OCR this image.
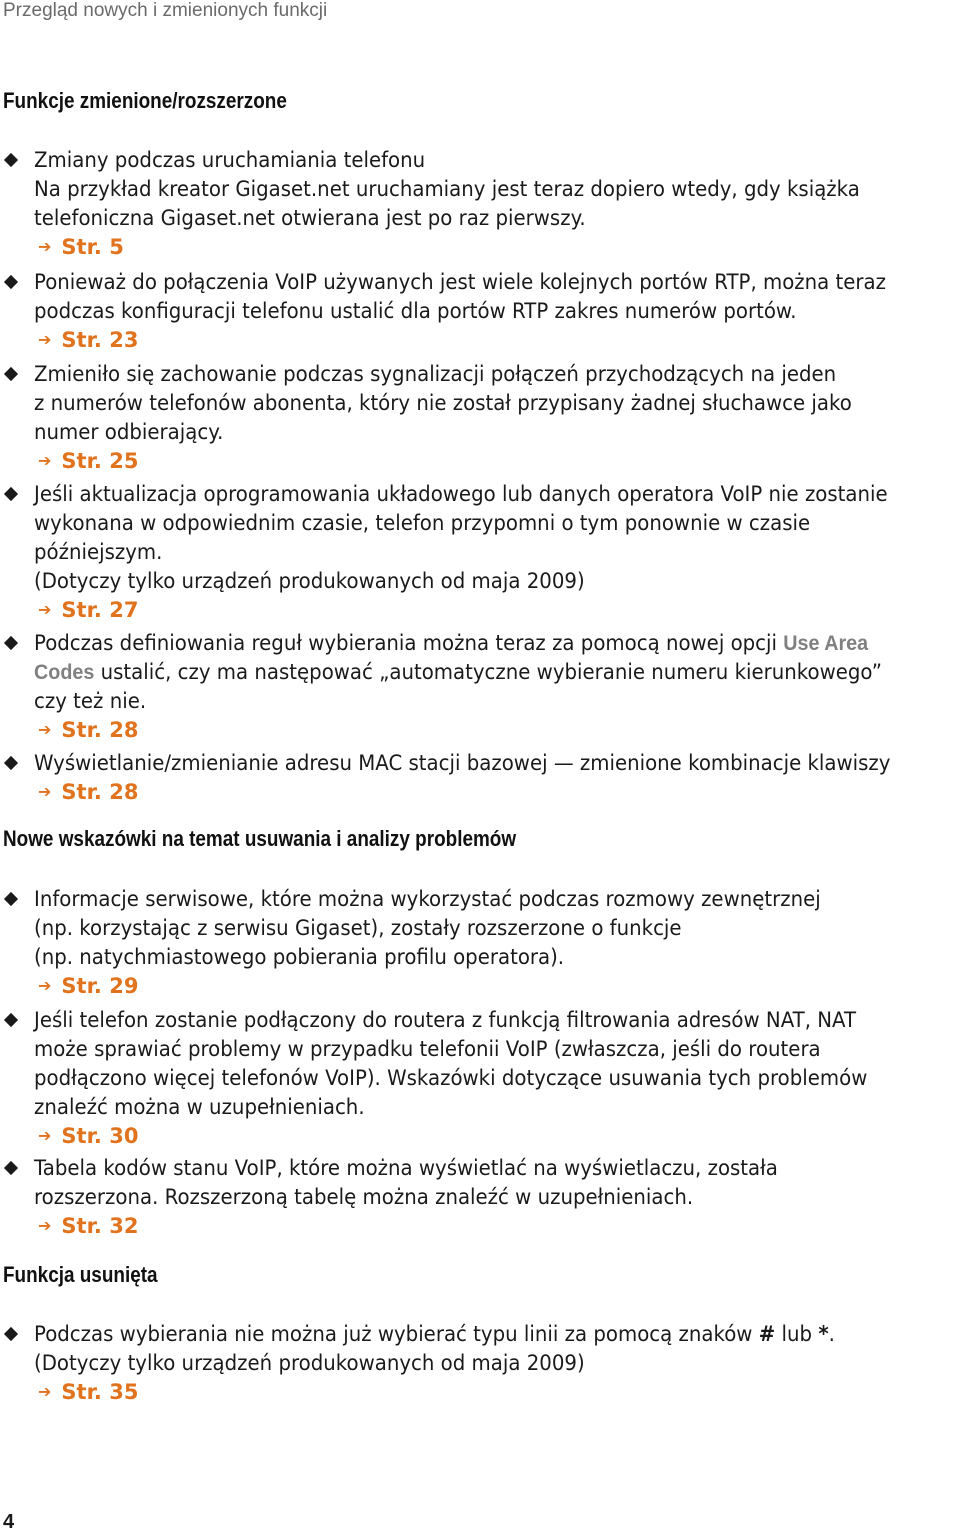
Przegląd nowych i zmienionych funkcji
Funkcje zmienione/rozszerzone
Zmiany podczas uruchamiania telefonu
Na przykład kreator Gigaset.net uruchamiany jest teraz dopiero wtedy, gdy książka
telefoniczna Gigaset.net otwierana jest po raz pierwszy.
➔ Str. 5
Ponieważ do połączenia VoIP używanych jest wiele kolejnych portów RTP, można teraz
podczas konfiguracji telefonu ustalić dla portów RTP zakres numerów portów.
➔ Str. 23
Zmieniło się zachowanie podczas sygnalizacji połączeń przychodzących na jeden
z numerów telefonów abonenta, który nie został przypisany żadnej słuchawce jako
numer odbierający.
➔ Str. 25
Jeśli aktualizacja oprogramowania układowego lub danych operatora VoIP nie zostanie
wykonana w odpowiednim czasie, telefon przypomni o tym ponownie w czasie
późniejszym.
(Dotyczy tylko urządzeń produkowanych od maja 2009)
➔ Str. 27
Podczas definiowania reguł wybierania można teraz za pomocą nowej opcji Use Area
Codes ustalić, czy ma następować „automatyczne wybieranie numeru kierunkowego”
czy też nie.
➔ Str. 28
Wyświetlanie/zmienianie adresu MAC stacji bazowej — zmienione kombinacje klawiszy
➔ Str. 28
Nowe wskazówki na temat usuwania i analizy problemów
Informacje serwisowe, które można wykorzystać podczas rozmowy zewnętrznej
(np. korzystając z serwisu Gigaset), zostały rozszerzone o funkcje
(np. natychmiastowego pobierania profilu operatora).
➔ Str. 29
Jeśli telefon zostanie podłączony do routera z funkcją filtrowania adresów NAT, NAT
może sprawiać problemy w przypadku telefonii VoIP (zwłaszcza, jeśli do routera
podłączono więcej telefonów VoIP). Wskazówki dotyczące usuwania tych problemów
znaleźć można w uzupełnieniach.
➔ Str. 30
Tabela kodów stanu VoIP, które można wyświetlać na wyświetlaczu, została
rozszerzona. Rozszerzoną tabelę można znaleźć w uzupełnieniach.
➔ Str. 32
Funkcja usunięta
Podczas wybierania nie można już wybierać typu linii za pomocą znaków # lub *.
(Dotyczy tylko urządzeń produkowanych od maja 2009)
➔ Str. 35
4
